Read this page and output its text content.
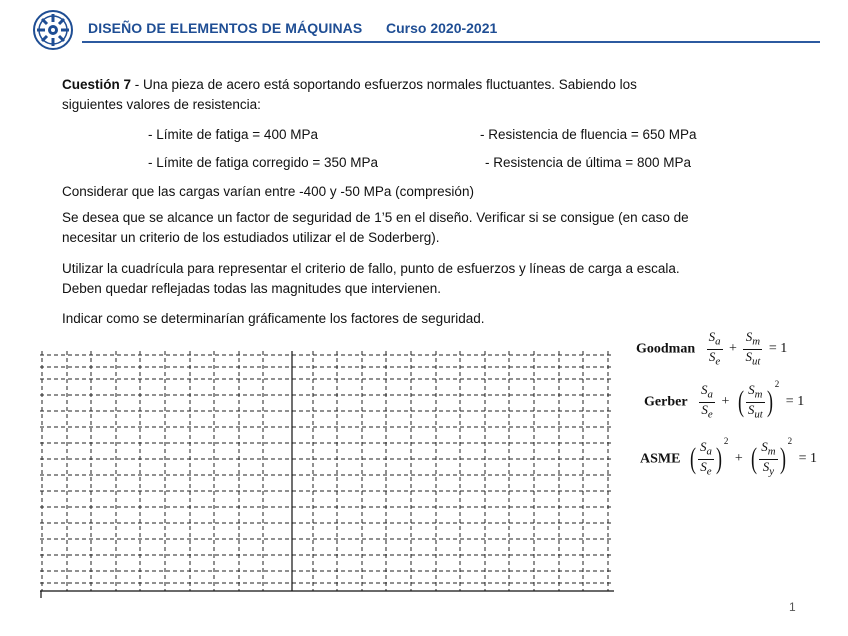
DISEÑO DE ELEMENTOS DE MÁQUINAS Curso 2020-2021
Cuestión 7 - Una pieza de acero está soportando esfuerzos normales fluctuantes. Sabiendo los
siguientes valores de resistencia:
- Límite de fatiga = 400 MPa	- Resistencia de fluencia = 650 MPa
- Límite de fatiga corregido = 350 MPa	- Resistencia de última = 800 MPa
Considerar que las cargas varían entre -400 y -50 MPa (compresión)
Se desea que se alcance un factor de seguridad de 1’5 en el diseño. Verificar si se consigue (en caso de
necesitar un criterio de los estudiados utilizar el de Soderberg).
Utilizar la cuadrícula para representar el criterio de fallo, punto de esfuerzos y líneas de carga a escala.
Deben quedar reflejadas todas las magnitudes que intervienen.
Indicar como se determinarían gráficamente los factores de seguridad.
Goodman $\frac{S_a}{S_e} + \frac{S_m}{S_{ut}} = 1$
Gerber $\frac{S_a}{S_e}$ + ( $\frac{S_m}{S_{ut}} )^2 = 1$
ASME ( $\frac{S_a}{S_e} )^2$ + ( $\frac{S_m}{S_y} )^2 = 1$
1
